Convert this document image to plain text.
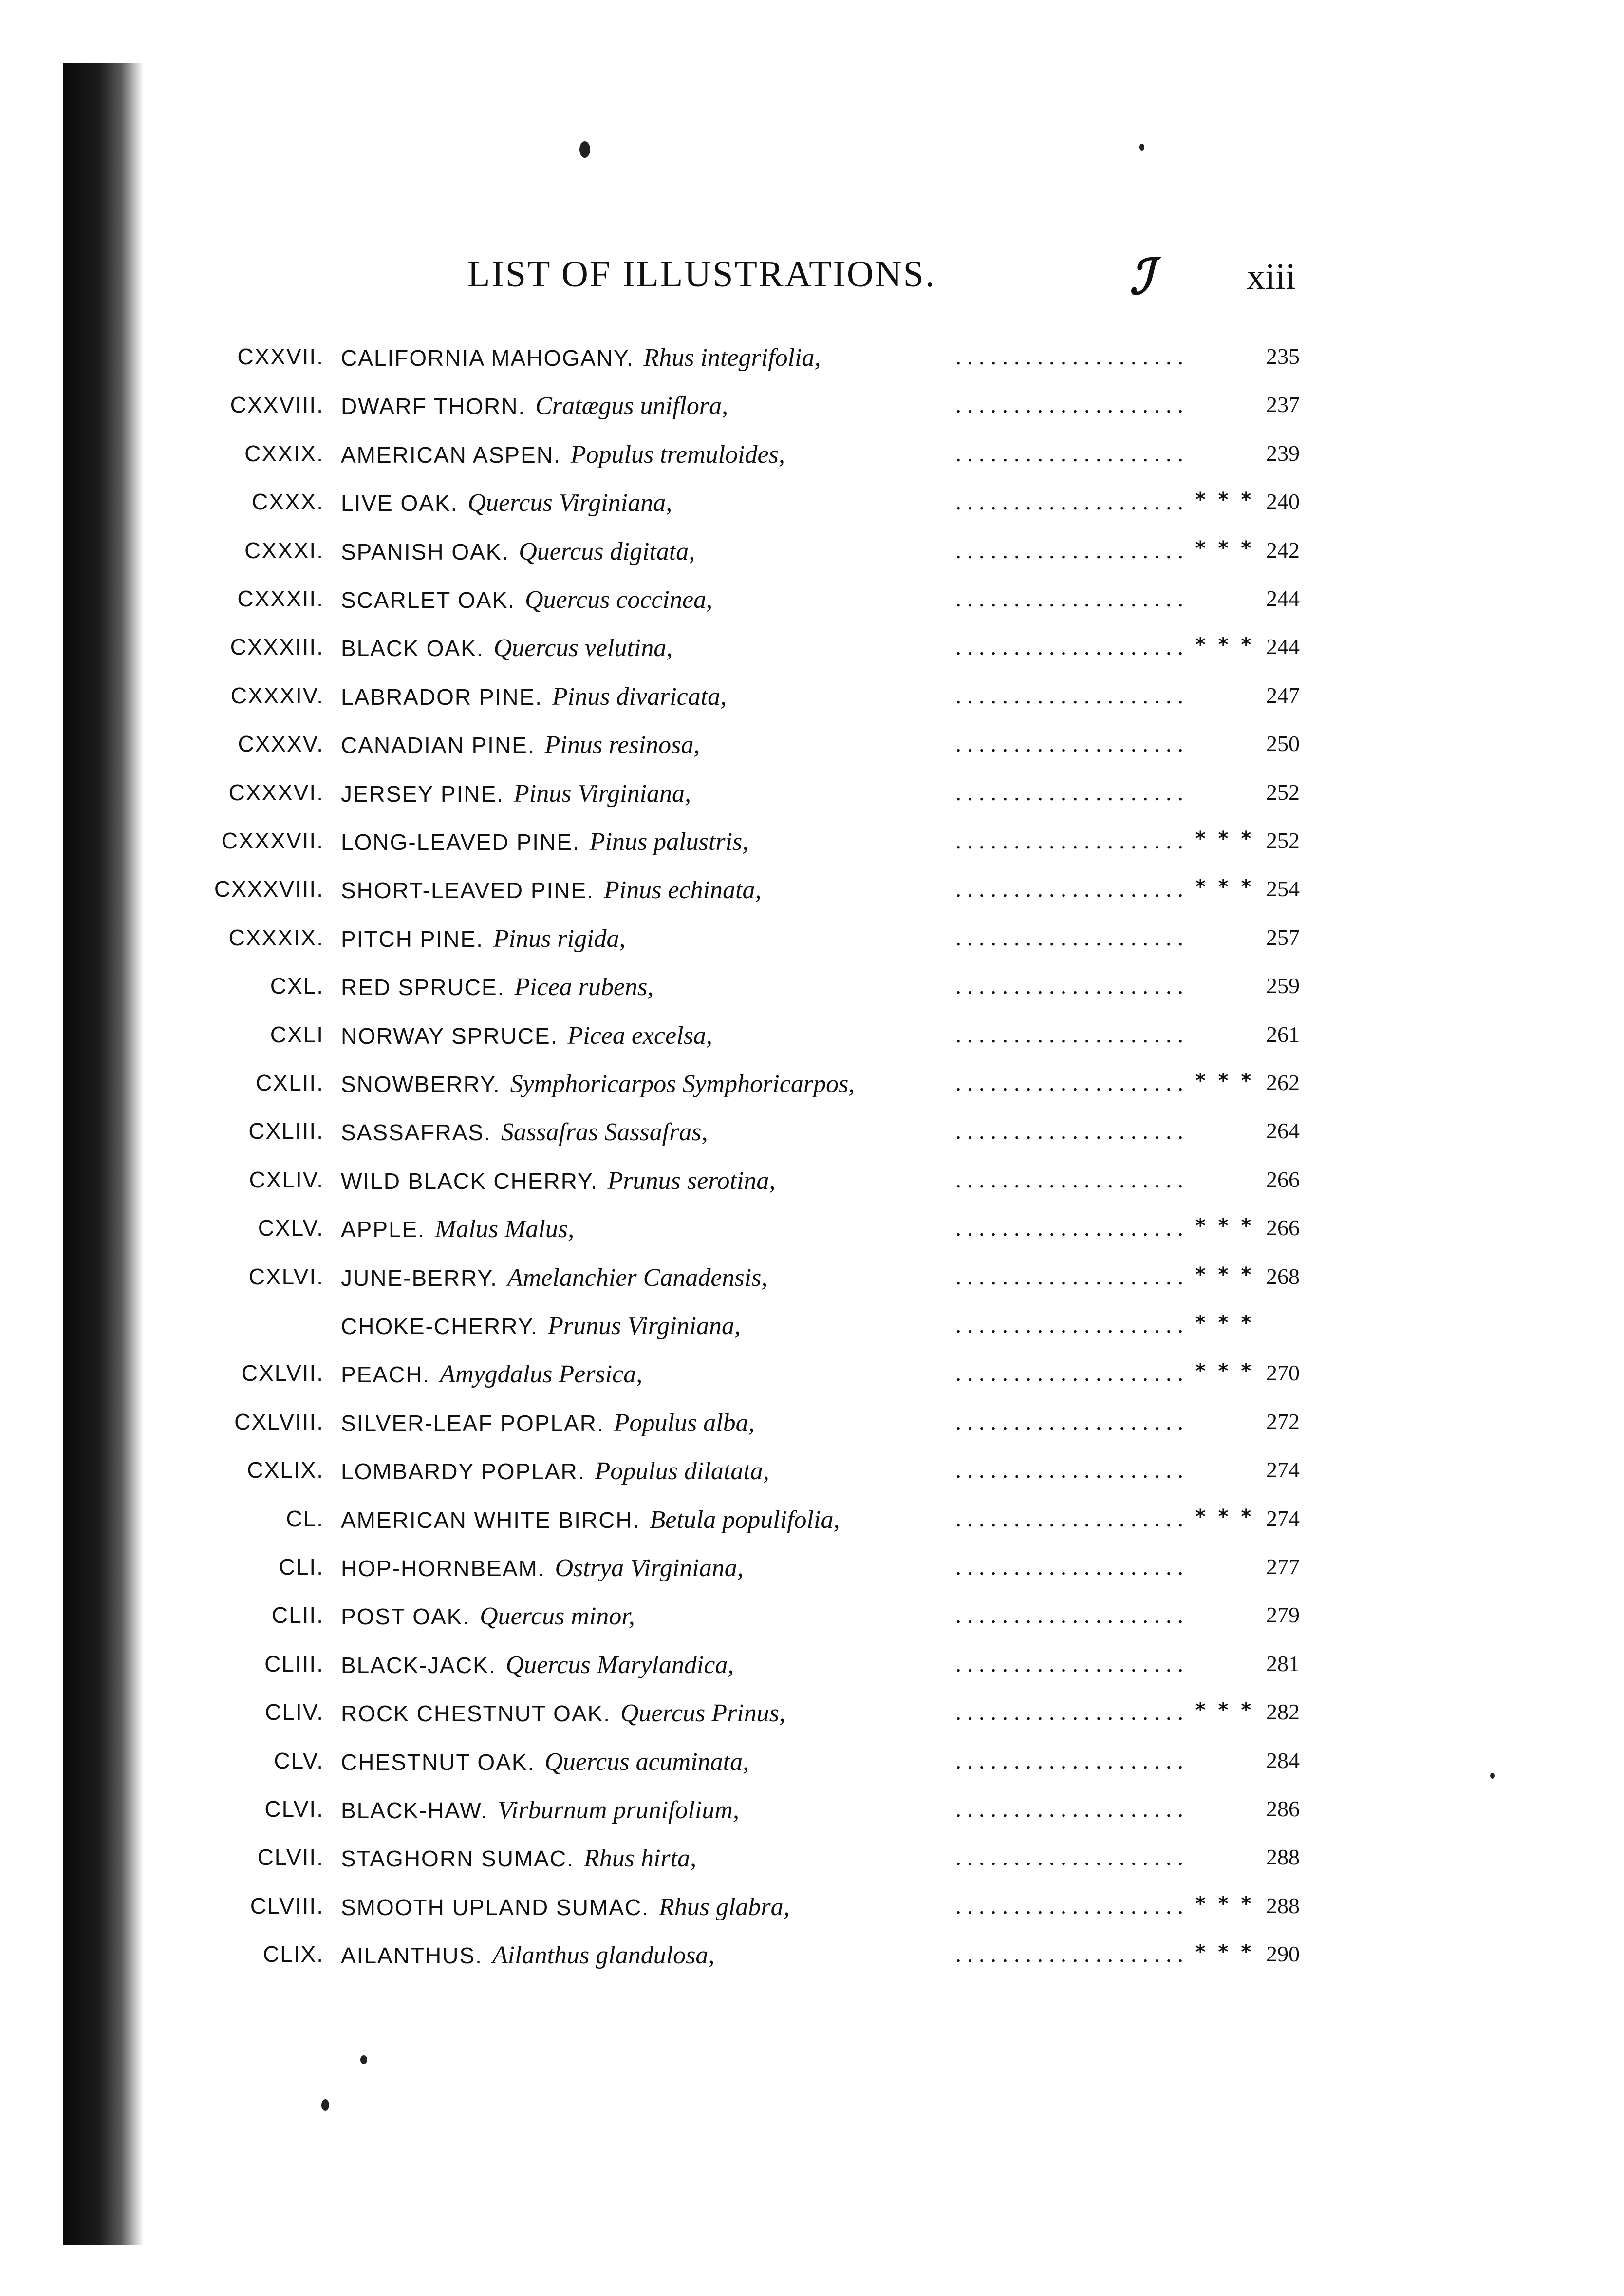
LIST OF ILLUSTRATIONS.	ℐ	xiii
CXXVII. CALIFORNIA MAHOGANY. Rhus integrifolia,	. . . . . . . . . . . . . . . . . . . .	235
CXXVIII. DWARF THORN. Cratægus uniflora,	. . . . . . . . . . . . . . . . . . . .	237
CXXIX. AMERICAN ASPEN. Populus tremuloides,	. . . . . . . . . . . . . . . . . . . .	239
CXXX. LIVE OAK. Quercus Virginiana,	. . . . . . . . . . . . . . . . . . . . * * * 240
CXXXI. SPANISH OAK. Quercus digitata,	. . . . . . . . . . . . . . . . . . . . * * * 242
CXXXII. SCARLET OAK. Quercus coccinea,	. . . . . . . . . . . . . . . . . . . .	244
CXXXIII. BLACK OAK. Quercus velutina,	. . . . . . . . . . . . . . . . . . . . * * * 244
CXXXIV. LABRADOR PINE. Pinus divaricata,	. . . . . . . . . . . . . . . . . . . .	247
CXXXV. CANADIAN PINE. Pinus resinosa,	. . . . . . . . . . . . . . . . . . . .	250
CXXXVI. JERSEY PINE. Pinus Virginiana,	. . . . . . . . . . . . . . . . . . . .	252
CXXXVII. LONG-LEAVED PINE. Pinus palustris,	. . . . . . . . . . . . . . . . . . . . * * * 252
CXXXVIII. SHORT-LEAVED PINE. Pinus echinata,	. . . . . . . . . . . . . . . . . . . . * * * 254
CXXXIX. PITCH PINE. Pinus rigida,	. . . . . . . . . . . . . . . . . . . .	257
CXL. RED SPRUCE. Picea rubens,	. . . . . . . . . . . . . . . . . . . .	259
CXLI NORWAY SPRUCE. Picea excelsa,	. . . . . . . . . . . . . . . . . . . .	261
CXLII. SNOWBERRY. Symphoricarpos Symphoricarpos,	. . . . . . . . . . . . . . . . . . . . * * * 262
CXLIII. SASSAFRAS. Sassafras Sassafras,	. . . . . . . . . . . . . . . . . . . .	264
CXLIV. WILD BLACK CHERRY. Prunus serotina,	. . . . . . . . . . . . . . . . . . . .	266
CXLV. APPLE. Malus Malus,	. . . . . . . . . . . . . . . . . . . . * * * 266
CXLVI. JUNE-BERRY. Amelanchier Canadensis,	. . . . . . . . . . . . . . . . . . . . * * * 268
CHOKE-CHERRY. Prunus Virginiana,	. . . . . . . . . . . . . . . . . . . . * * *
CXLVII. PEACH. Amygdalus Persica,	. . . . . . . . . . . . . . . . . . . . * * * 270
CXLVIII. SILVER-LEAF POPLAR. Populus alba,	. . . . . . . . . . . . . . . . . . . .	272
CXLIX. LOMBARDY POPLAR. Populus dilatata,	. . . . . . . . . . . . . . . . . . . .	274
CL. AMERICAN WHITE BIRCH. Betula populifolia,	. . . . . . . . . . . . . . . . . . . . * * * 274
CLI. HOP-HORNBEAM. Ostrya Virginiana,	. . . . . . . . . . . . . . . . . . . .	277
CLII. POST OAK. Quercus minor,	. . . . . . . . . . . . . . . . . . . .	279
CLIII. BLACK-JACK. Quercus Marylandica,	. . . . . . . . . . . . . . . . . . . .	281
CLIV. ROCK CHESTNUT OAK. Quercus Prinus,	. . . . . . . . . . . . . . . . . . . . * * * 282
CLV. CHESTNUT OAK. Quercus acuminata,	. . . . . . . . . . . . . . . . . . . .	284
CLVI. BLACK-HAW. Virburnum prunifolium,	. . . . . . . . . . . . . . . . . . . .	286
CLVII. STAGHORN SUMAC. Rhus hirta,	. . . . . . . . . . . . . . . . . . . .	288
CLVIII. SMOOTH UPLAND SUMAC. Rhus glabra,	. . . . . . . . . . . . . . . . . . . . * * * 288
CLIX. AILANTHUS. Ailanthus glandulosa,	. . . . . . . . . . . . . . . . . . . . * * * 290
